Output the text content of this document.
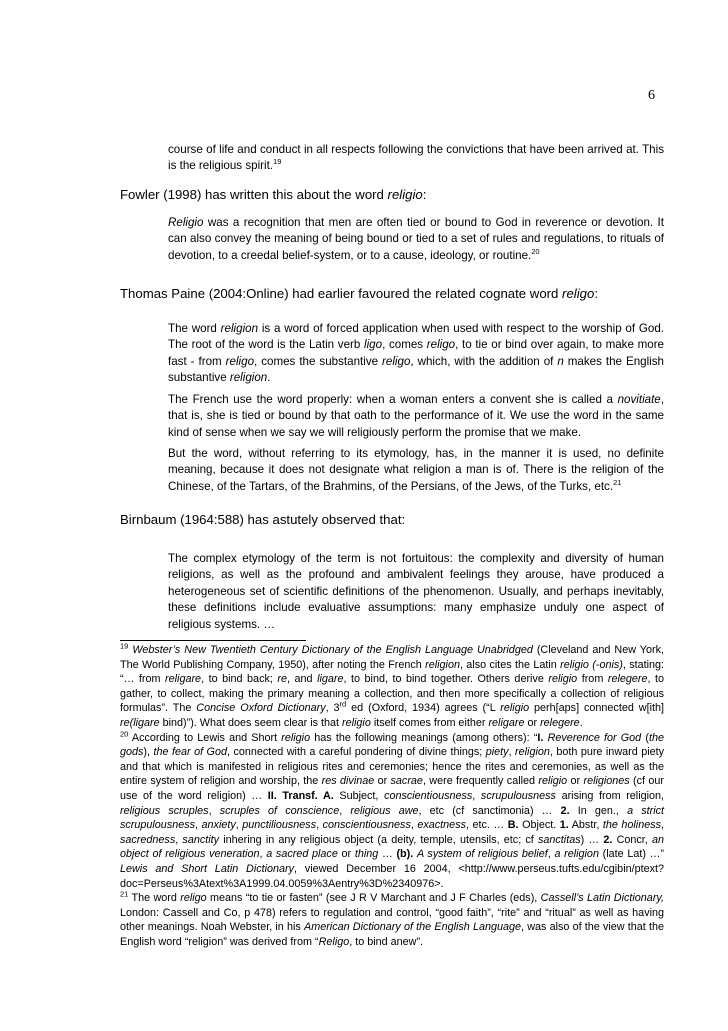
6
course of life and conduct in all respects following the convictions that have been arrived at. This is the religious spirit.$^{19}$
Fowler (1998) has written this about the word religio:
Religio was a recognition that men are often tied or bound to God in reverence or devotion. It can also convey the meaning of being bound or tied to a set of rules and regulations, to rituals of devotion, to a creedal belief-system, or to a cause, ideology, or routine.$^{20}$
Thomas Paine (2004:Online) had earlier favoured the related cognate word religo:
The word religion is a word of forced application when used with respect to the worship of God. The root of the word is the Latin verb ligo, comes religo, to tie or bind over again, to make more fast - from religo, comes the substantive religo, which, with the addition of n makes the English substantive religion.
The French use the word properly: when a woman enters a convent she is called a novitiate, that is, she is tied or bound by that oath to the performance of it. We use the word in the same kind of sense when we say we will religiously perform the promise that we make.
But the word, without referring to its etymology, has, in the manner it is used, no definite meaning, because it does not designate what religion a man is of. There is the religion of the Chinese, of the Tartars, of the Brahmins, of the Persians, of the Jews, of the Turks, etc.$^{21}$
Birnbaum (1964:588) has astutely observed that:
The complex etymology of the term is not fortuitous: the complexity and diversity of human religions, as well as the profound and ambivalent feelings they arouse, have produced a heterogeneous set of scientific definitions of the phenomenon. Usually, and perhaps inevitably, these definitions include evaluative assumptions: many emphasize unduly one aspect of religious systems. …

$^{19}$ Webster’s New Twentieth Century Dictionary of the English Language Unabridged (Cleveland and New York, The World Publishing Company, 1950), after noting the French religion, also cites the Latin religio (-onis), stating: “… from religare, to bind back; re, and ligare, to bind, to bind together. Others derive religio from relegere, to gather, to collect, making the primary meaning a collection, and then more specifically a collection of religious formulas”. The Concise Oxford Dictionary, 3rd ed (Oxford, 1934) agrees (“L religio perh[aps] connected w[ith] re(ligare bind)”). What does seem clear is that religio itself comes from either religare or relegere.

$^{20}$ According to Lewis and Short religio has the following meanings (among others): “I. Reverence for God (the gods), the fear of God, connected with a careful pondering of divine things; piety, religion, both pure inward piety and that which is manifested in religious rites and ceremonies; hence the rites and ceremonies, as well as the entire system of religion and worship, the res divinae or sacrae, were frequently called religio or religiones (cf our use of the word religion) … II. Transf. A. Subject, conscientiousness, scrupulousness arising from religion, religious scruples, scruples of conscience, religious awe, etc (cf sanctimonia) … 2. In gen., a strict scrupulousness, anxiety, punctiliousness, conscientiousness, exactness, etc. … B. Object. 1. Abstr, the holiness, sacredness, sanctity inhering in any religious object (a deity, temple, utensils, etc; cf sanctitas) … 2. Concr, an object of religious veneration, a sacred place or thing … (b). A system of religious belief, a religion (late Lat) …” Lewis and Short Latin Dictionary, viewed December 16 2004, <http://www.perseus.tufts.edu/cgibin/ptext?doc=Perseus%3Atext%3A1999.04.0059%3Aentry%3D%2340976>.

$^{21}$ The word religo means “to tie or fasten” (see J R V Marchant and J F Charles (eds), Cassell’s Latin Dictionary, London: Cassell and Co, p 478) refers to regulation and control, “good faith”, “rite” and “ritual” as well as having other meanings. Noah Webster, in his American Dictionary of the English Language, was also of the view that the English word “religion” was derived from “Religo, to bind anew”.
